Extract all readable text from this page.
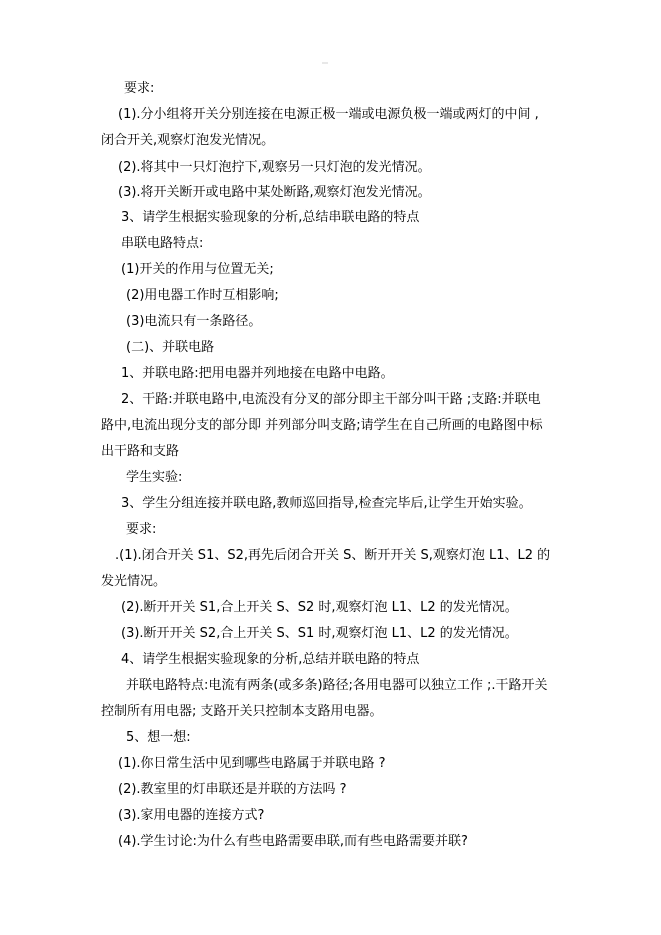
要求:
(1).分小组将开关分别连接在电源正极一端或电源负极一端或两灯的中间 ,
闭合开关,观察灯泡发光情况。
(2).将其中一只灯泡拧下,观察另一只灯泡的发光情况。
(3).将开关断开或电路中某处断路,观察灯泡发光情况。
3、请学生根据实验现象的分析,总结串联电路的特点
串联电路特点:
(1)开关的作用与位置无关;
(2)用电器工作时互相影响;
(3)电流只有一条路径。
(二)、并联电路
1、并联电路:把用电器并列地接在电路中电路。
2、干路:并联电路中,电流没有分叉的部分即主干部分叫干路 ;支路:并联电
路中,电流出现分支的部分即 并列部分叫支路;请学生在自己所画的电路图中标
出干路和支路
学生实验:
3、学生分组连接并联电路,教师巡回指导,检查完毕后,让学生开始实验。
要求:
.(1).闭合开关 S1、S2,再先后闭合开关 S、断开开关 S,观察灯泡 L1、L2 的
发光情况。
(2).断开开关 S1,合上开关 S、S2 时,观察灯泡 L1、L2 的发光情况。
(3).断开开关 S2,合上开关 S、S1 时,观察灯泡 L1、L2 的发光情况。
4、请学生根据实验现象的分析,总结并联电路的特点
并联电路特点:电流有两条(或多条)路径;各用电器可以独立工作 ;.干路开关
控制所有用电器; 支路开关只控制本支路用电器。
5、想一想:
(1).你日常生活中见到哪些电路属于并联电路 ?
(2).教室里的灯串联还是并联的方法吗 ?
(3).家用电器的连接方式?
(4).学生讨论:为什么有些电路需要串联,而有些电路需要并联?
